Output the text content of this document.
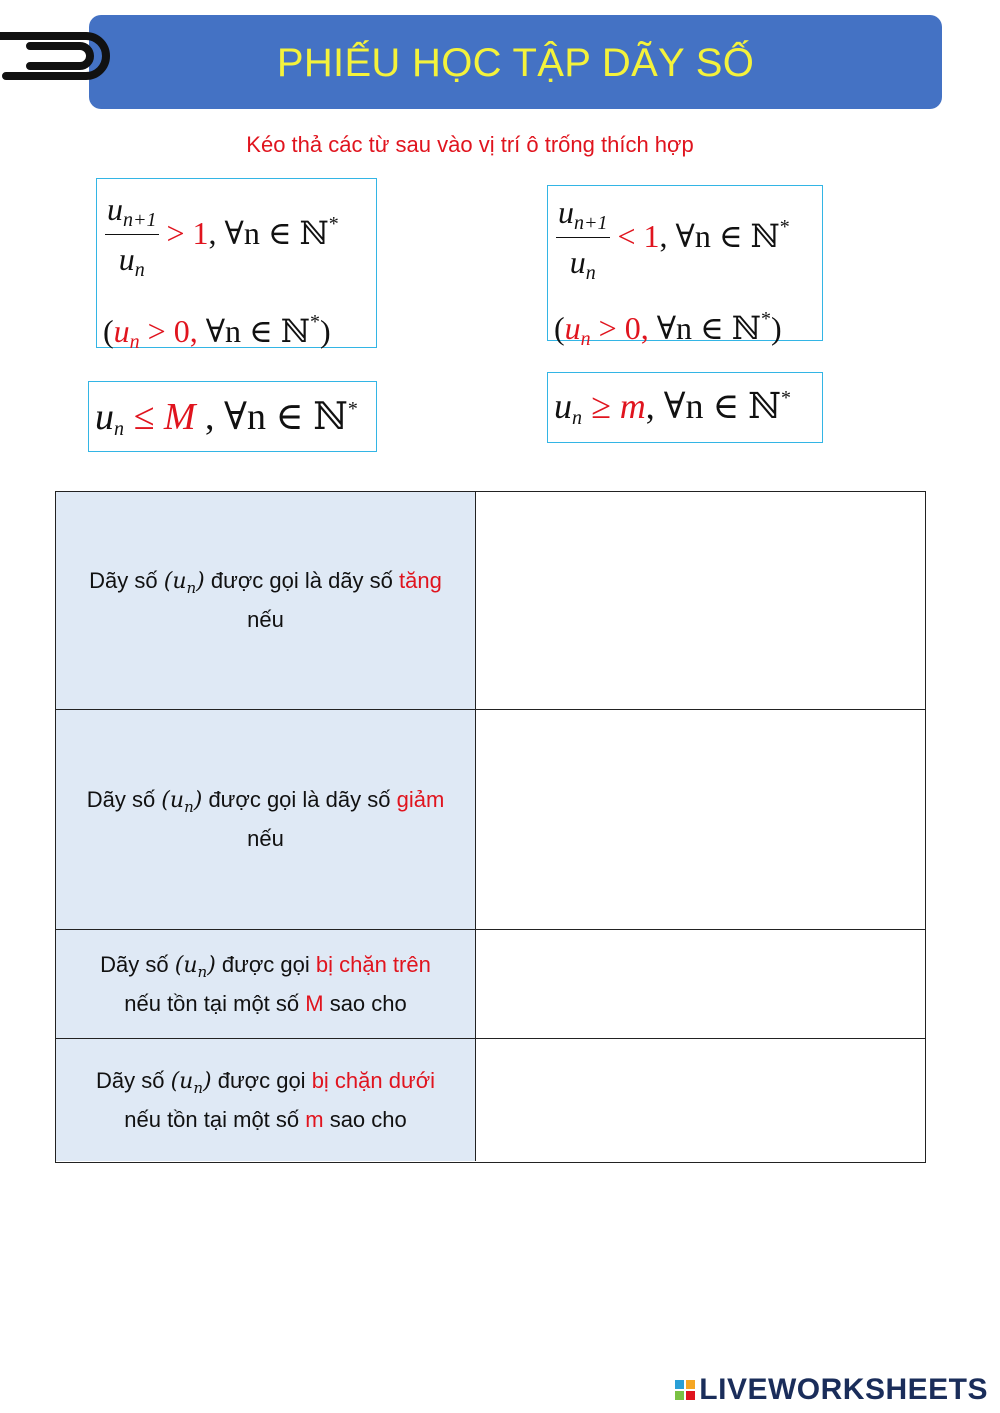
PHIẾU HỌC TẬP DÃY SỐ
Kéo thả các từ sau vào vị trí ô trống thích hợp
$\frac{u_{n+1}}{u_n} > 1$, ∀n ∈ ℕ*
($u_n > 0$, ∀n ∈ ℕ*)
$\frac{u_{n+1}}{u_n} < 1$, ∀n ∈ ℕ*
($u_n > 0$, ∀n ∈ ℕ*)
$u_n \le M$ , ∀n ∈ ℕ*	$u_n \ge m$, ∀n ∈ ℕ*
Dãy số $(u_n)$ được gọi là dãy số tăng
nếu
Dãy số $(u_n)$ được gọi là dãy số giảm
nếu
Dãy số $(u_n)$ được gọi bị chặn trên
nếu tồn tại một số M sao cho
Dãy số $(u_n)$ được gọi bị chặn dưới
nếu tồn tại một số m sao cho
LIVEWORKSHEETS
